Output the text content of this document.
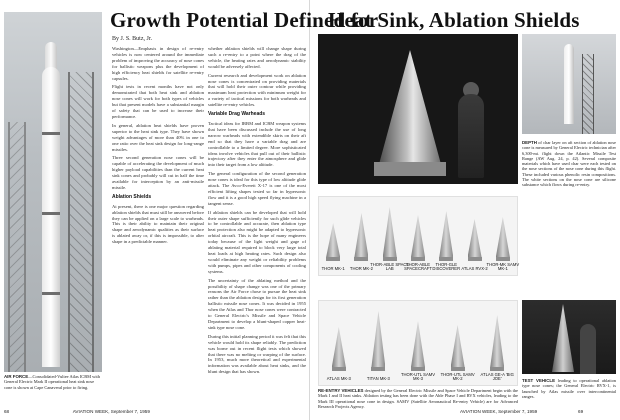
AIR FORCE—Consolidated-Vultee Atlas ICBM with General Electric Mark II operational heat sink nose cone is shown at Cape Canaveral prior to firing.
Growth Potential Defined for
By J. S. Butz, Jr.

Washington—Emphasis in design of re-entry vehicles is now centered around the immediate problem of improving the accuracy of nose cones for ballistic weapons plus the development of high efficiency heat shields for satellite re-entry capsules.

Flight tests in recent months have not only demonstrated that both heat sink and ablation nose cones will work for both types of vehicles but that present models have a substantial margin of safety that can be used to increase their performance.

In general, ablation heat shields have proven superior to the heat sink type. They have shown weight advantages of more than 40% in one to one ratio over the heat sink design for long-range missiles.

Three second generation nose cones will be capable of accelerating the development of much higher payload capabilities than the current heat sink cones and probably will cut in half the time available for interception by an anti-missile missile.

Ablation Shields

At present, there is one major question regarding ablation shields that must still be answered before they can be applied on a large scale to warheads. This is their ability to maintain their original shape and aerodynamic qualities as their surface is ablated away or, if this is impossible, to alter shape in a predictable manner.

whether ablation shields will change shape during such a re-entry to a point where the drag of the vehicle, the heating rates and aerodynamic stability would be adversely affected.

Current research and development work on ablation nose cones is concentrated on providing materials that will hold their outer contour while providing maximum heat protection with minimum weight for a variety of tactical missions for both warheads and satellite re-entry vehicles.

Variable Drag Warheads

Tactical ideas for IRBM and ICBM weapon systems that have been discussed include the use of long narrow warheads with extendible skirts on their aft end so that they have a variable drag and are controllable to a limited degree. More sophisticated ideas involve vehicles that pull out of their ballistic trajectory after they enter the atmosphere and glide into their target from a low altitude.

The general configuration of the second generation nose cones is ideal for this type of low altitude glide attack. The Avco-Everett X-17 is one of the most efficient lifting shapes tested so far in hypersonic flow and it is a good high speed flying machine in a tangent sense.

If ablation shields can be developed that will hold their outer shape sufficiently for such glide vehicles to be controllable and accurate, then ablation type heat protection also might be adapted to hypersonic orbital aircraft. This is the hope of many engineers today because of the light weight and gage of ablating material required to block very large total heat loads at high heating rates. Such design also would eliminate any weight or reliability problems with pumps, pipes and other components of cooling systems.

The uncertainty of the ablating method and the possibility of shape change was one of the primary reasons the Air Force chose to pursue the heat sink rather than the ablation design for its first generation ballistic missile nose cones. It was decided in 1955 when the Atlas and Thor nose cones were contracted to General Electric's Missile and Space Vehicle Department to develop a blunt-shaped copper heat-sink type nose cone.

During this initial planning period it was felt that this vehicle would hold its shape reliably. The prediction was borne out in recent flight tests which showed that there was no melting or warping of the surface. In 1953, much more theoretical and experimental information was available about heat sinks, and the blunt design that has shown.

68	AVIATION WEEK, September 7, 1959
Heat Sink, Ablation Shields
DEPTH of char layer on aft section of ablation nose cone is measured by General Electric technician after 6,300-mi. flight down the Atlantic Missile Test Range (AW Aug. 24, p. 42). Several composite materials which have used char were each tested on the nose sections of the nose cone during this flight. These included various phenolic resin compositions. The white sections on the nose cone are silicone substance which flows during re-entry.
THOR MK-1	THOR MK-2
THOR-ABLE SPACE LAB
THOR-ABLE SPACECRAFT
THOR-GLE DISCOVERER ATLAS RVX-2
THOR-MK SAMV MK-1
ATLAS MK-3	TITAN MK-3
THOR-UTL SAMV MK-3
THOR-UTL SAMV MK-2
ATLAS GE-A 'BIG JOE'
RE-ENTRY VEHICLES designed by the General Electric Missile and Space Vehicle Department begin with the Mark I and II heat sinks. Ablation testing has been done with the Able Phase I and RVX vehicles, leading to the Mark III operational nose cone in design. SAMV (Satellite Aeronautical Re-entry Vehicle) are for Advanced Research Projects Agency.
TEST VEHICLE leading to operational ablation type nose cones; the General Electric RVX-1, is launched by Atlas missile over intercontinental ranges.
AVIATION WEEK, September 7, 1959	69
